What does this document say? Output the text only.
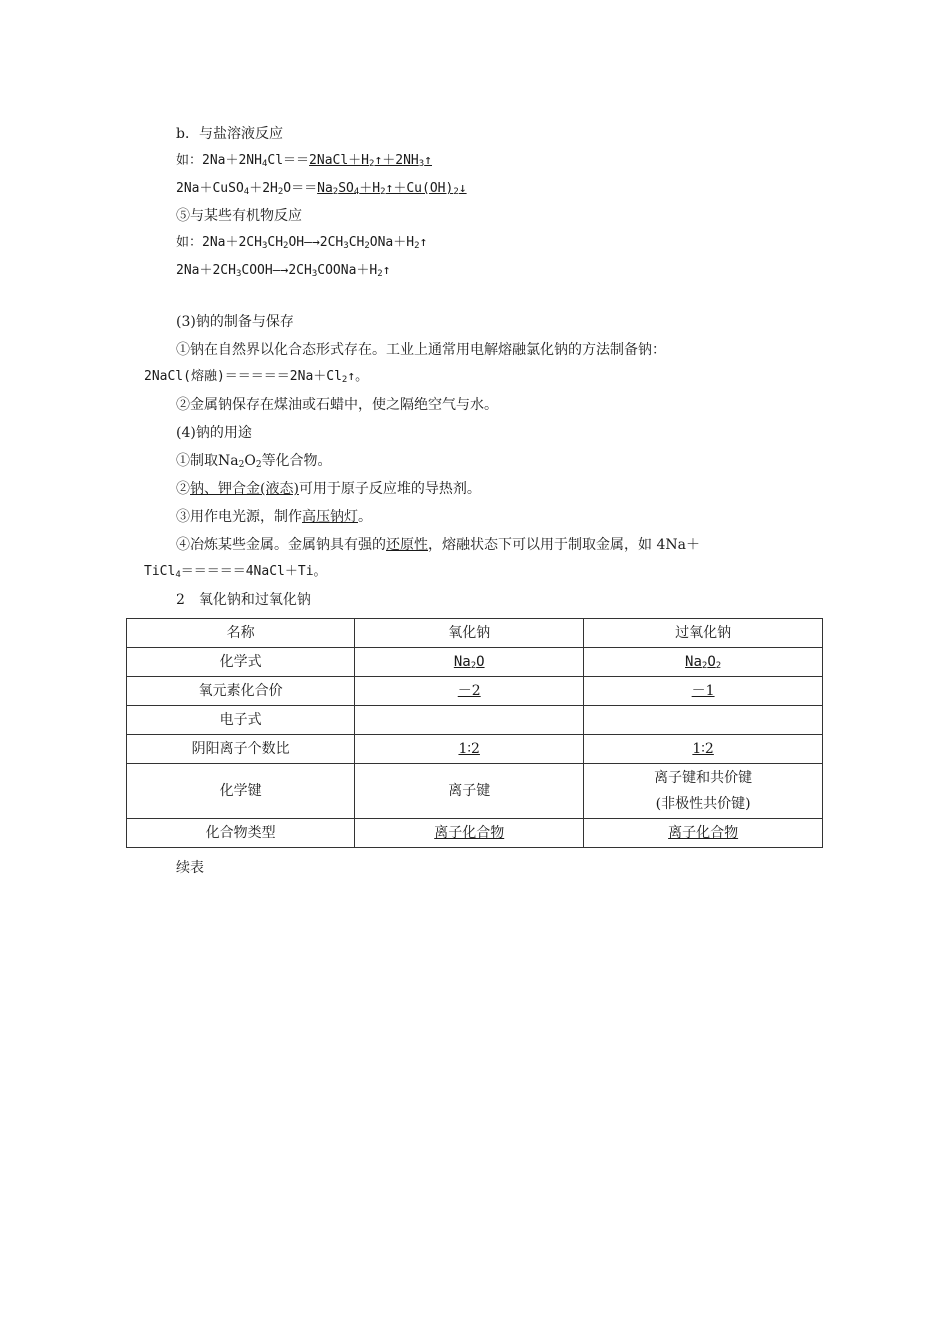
b．与盐溶液反应
如：$2Na+2NH_4Cl==2NaCl+H_2↑+2NH_3↑$
$2Na+CuSO_4+2H_2O==Na_2SO_4+H_2↑+Cu(OH)_2↓$
⑤与某些有机物反应
如：$2Na+2CH_3CH_2OH―\to 2CH_3CH_2ONa+H_2↑$
$2Na+2CH_3COOH―\to 2CH_3COONa+H_2↑$
(3)钠的制备与保存
①钠在自然界以化合态形式存在。工业上通常用电解熔融氯化钠的方法制备钠：
2NaCl(熔融)$=====2Na+Cl_2↑$。
②金属钠保存在煤油或石蜡中，使之隔绝空气与水。
(4)钠的用途
①制取$Na_2O_2$等化合物。
②钠、钾合金(液态)可用于原子反应堆的导热剂。
③用作电光源，制作高压钠灯。
④冶炼某些金属。金属钠具有强的还原性，熔融状态下可以用于制取金属，如 4Na＋
TiCl$_4$＝＝＝＝＝4NaCl＋Ti。
2　氧化钠和过氧化钠
名称	氧化钠	过氧化钠
化学式	$Na_2O$	$Na_2O_2$
氧元素化合价	－2	－1
电子式		
阴阳离子个数比	1∶2	1∶2
化学键	离子键	离子键和共价键
(非极性共价键)

化合物类型	离子化合物	离子化合物
续表
